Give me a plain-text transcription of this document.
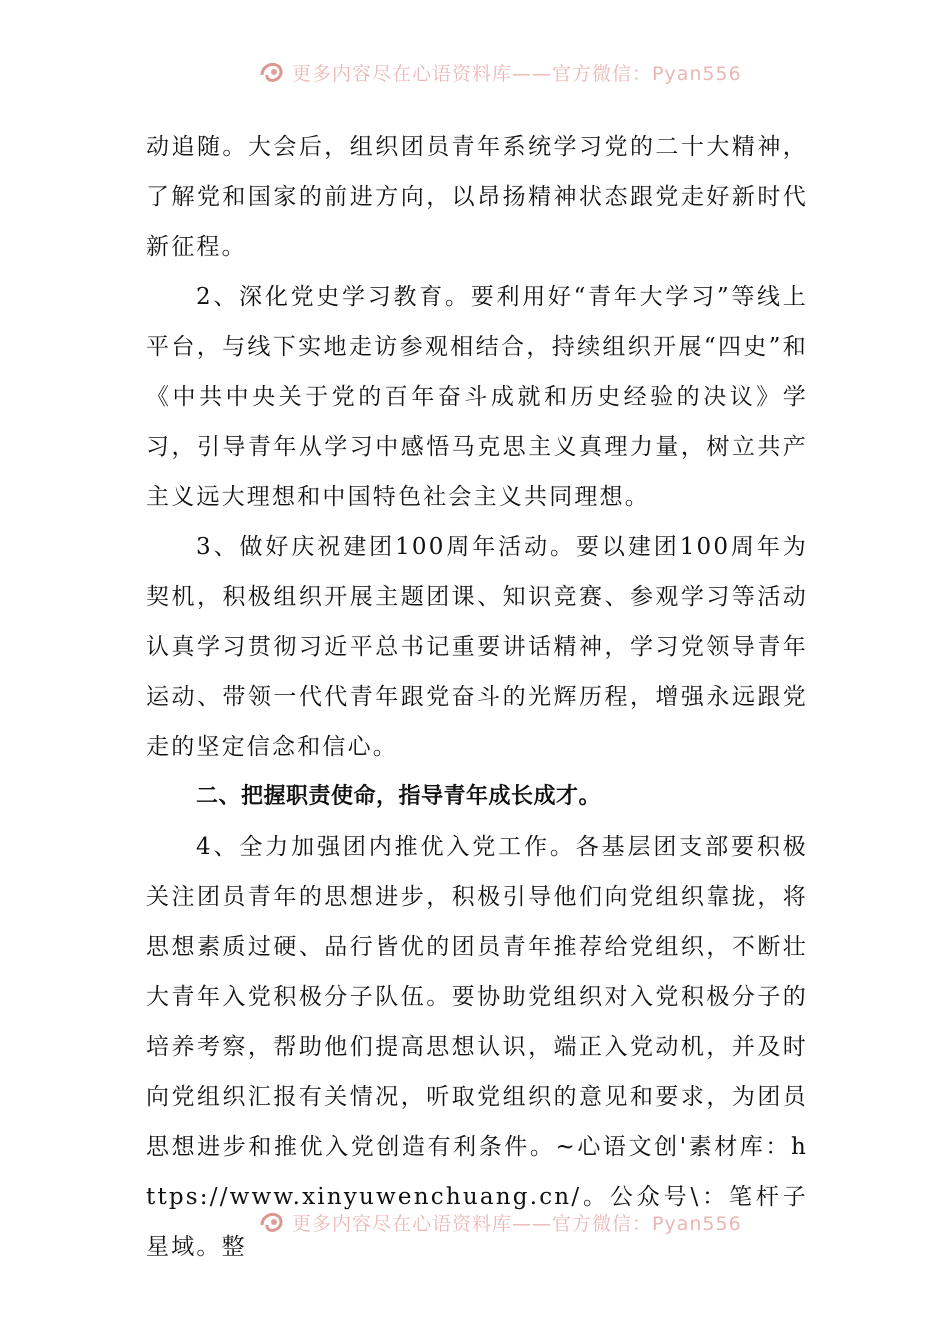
更多内容尽在心语资料库——官方微信：Pyan556

动追随。大会后，组织团员青年系统学习党的二十大精神，了解党和国家的前进方向，以昂扬精神状态跟党走好新时代新征程。

2、深化党史学习教育。要利用好“青年大学习”等线上平台，与线下实地走访参观相结合，持续组织开展“四史”和《中共中央关于党的百年奋斗成就和历史经验的决议》学习，引导青年从学习中感悟马克思主义真理力量，树立共产主义远大理想和中国特色社会主义共同理想。

3、做好庆祝建团100周年活动。要以建团100周年为契机，积极组织开展主题团课、知识竞赛、参观学习等活动认真学习贯彻习近平总书记重要讲话精神，学习党领导青年运动、带领一代代青年跟党奋斗的光辉历程，增强永远跟党走的坚定信念和信心。

二、把握职责使命，指导青年成长成才。

4、全力加强团内推优入党工作。各基层团支部要积极关注团员青年的思想进步，积极引导他们向党组织靠拢，将思想素质过硬、品行皆优的团员青年推荐给党组织，不断壮大青年入党积极分子队伍。要协助党组织对入党积极分子的培养考察，帮助他们提高思想认识，端正入党动机，并及时向党组织汇报有关情况，听取党组织的意见和要求，为团员思想进步和推优入党创造有利条件。~心语文创'素材库：https://www.xinyuwenchuang.cn/。公众号\：笔杆子星域。整

更多内容尽在心语资料库——官方微信：Pyan556
